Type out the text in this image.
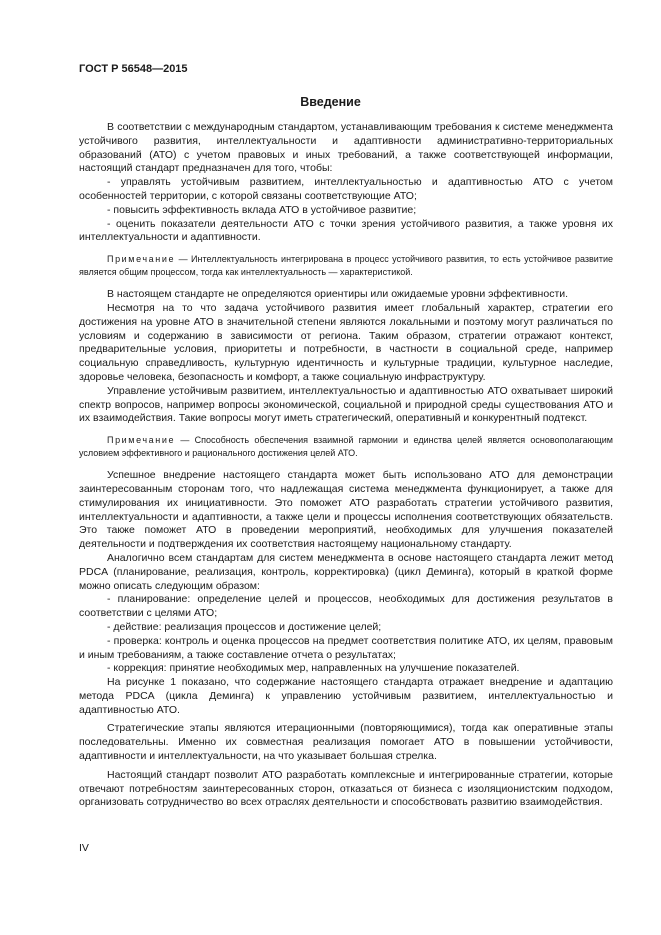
ГОСТ Р 56548—2015
Введение

В соответствии с международным стандартом, устанавливающим требования к системе менеджмента устойчивого развития, интеллектуальности и адаптивности административно-территориальных образований (АТО) с учетом правовых и иных требований, а также соответствующей информации, настоящий стандарт предназначен для того, чтобы:

- управлять устойчивым развитием, интеллектуальностью и адаптивностью АТО с учетом особенностей территории, с которой связаны соответствующие АТО;

- повысить эффективность вклада АТО в устойчивое развитие;

- оценить показатели деятельности АТО с точки зрения устойчивого развития, а также уровня их интеллектуальности и адаптивности.

Примечание — Интеллектуальность интегрирована в процесс устойчивого развития, то есть устойчивое развитие является общим процессом, тогда как интеллектуальность — характеристикой.

В настоящем стандарте не определяются ориентиры или ожидаемые уровни эффективности.

Несмотря на то что задача устойчивого развития имеет глобальный характер, стратегии его достижения на уровне АТО в значительной степени являются локальными и поэтому могут различаться по условиям и содержанию в зависимости от региона. Таким образом, стратегии отражают контекст, предварительные условия, приоритеты и потребности, в частности в социальной среде, например социальную справедливость, культурную идентичность и культурные традиции, культурное наследие, здоровье человека, безопасность и комфорт, а также социальную инфраструктуру.

Управление устойчивым развитием, интеллектуальностью и адаптивностью АТО охватывает широкий спектр вопросов, например вопросы экономической, социальной и природной среды существования АТО и их взаимодействия. Такие вопросы могут иметь стратегический, оперативный и конкурентный подтекст.

Примечание — Способность обеспечения взаимной гармонии и единства целей является основополагающим условием эффективного и рационального достижения целей АТО.

Успешное внедрение настоящего стандарта может быть использовано АТО для демонстрации заинтересованным сторонам того, что надлежащая система менеджмента функционирует, а также для стимулирования их инициативности. Это поможет АТО разработать стратегии устойчивого развития, интеллектуальности и адаптивности, а также цели и процессы исполнения соответствующих обязательств. Это также поможет АТО в проведении мероприятий, необходимых для улучшения показателей деятельности и подтверждения их соответствия настоящему национальному стандарту.

Аналогично всем стандартам для систем менеджмента в основе настоящего стандарта лежит метод PDCA (планирование, реализация, контроль, корректировка) (цикл Деминга), который в краткой форме можно описать следующим образом:

- планирование: определение целей и процессов, необходимых для достижения результатов в соответствии с целями АТО;

- действие: реализация процессов и достижение целей;

- проверка: контроль и оценка процессов на предмет соответствия политике АТО, их целям, правовым и иным требованиям, а также составление отчета о результатах;

- коррекция: принятие необходимых мер, направленных на улучшение показателей.

На рисунке 1 показано, что содержание настоящего стандарта отражает внедрение и адаптацию метода PDCA (цикла Деминга) к управлению устойчивым развитием, интеллектуальностью и адаптивностью АТО.

Стратегические этапы являются итерационными (повторяющимися), тогда как оперативные этапы последовательны. Именно их совместная реализация помогает АТО в повышении устойчивости, адаптивности и интеллектуальности, на что указывает большая стрелка.

Настоящий стандарт позволит АТО разработать комплексные и интегрированные стратегии, которые отвечают потребностям заинтересованных сторон, отказаться от бизнеса с изоляционистским подходом, организовать сотрудничество во всех отраслях деятельности и способствовать развитию взаимодействия.

IV
